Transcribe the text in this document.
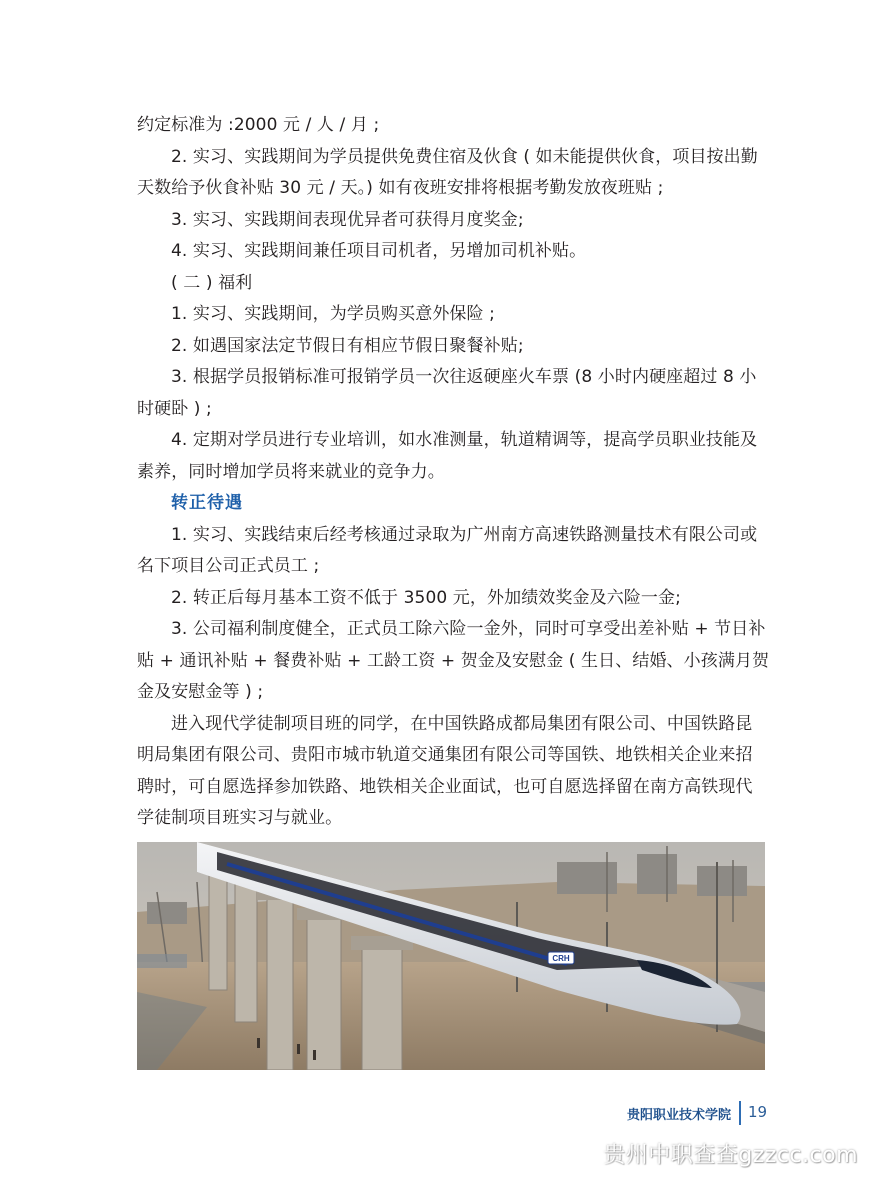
约定标准为 :2000 元 / 人 / 月 ;
2. 实习、实践期间为学员提供免费住宿及伙食 ( 如未能提供伙食，项目按出勤
天数给予伙食补贴 30 元 / 天。) 如有夜班安排将根据考勤发放夜班贴 ;
3. 实习、实践期间表现优异者可获得月度奖金;
4. 实习、实践期间兼任项目司机者，另增加司机补贴。
( 二 ) 福利
1. 实习、实践期间，为学员购买意外保险 ;
2. 如遇国家法定节假日有相应节假日聚餐补贴;
3. 根据学员报销标准可报销学员一次往返硬座火车票 (8 小时内硬座超过 8 小
时硬卧 ) ;
4. 定期对学员进行专业培训，如水准测量，轨道精调等，提高学员职业技能及
素养，同时增加学员将来就业的竞争力。
转正待遇
1. 实习、实践结束后经考核通过录取为广州南方高速铁路测量技术有限公司或
名下项目公司正式员工 ;
2. 转正后每月基本工资不低于 3500 元，外加绩效奖金及六险一金;
3. 公司福利制度健全，正式员工除六险一金外，同时可享受出差补贴 + 节日补
贴 + 通讯补贴 + 餐费补贴 + 工龄工资 + 贺金及安慰金 ( 生日、结婚、小孩满月贺
金及安慰金等 ) ;
进入现代学徒制项目班的同学，在中国铁路成都局集团有限公司、中国铁路昆
明局集团有限公司、贵阳市城市轨道交通集团有限公司等国铁、地铁相关企业来招
聘时，可自愿选择参加铁路、地铁相关企业面试，也可自愿选择留在南方高铁现代
学徒制项目班实习与就业。
CRH
贵阳职业技术学院 19
贵州中职查查gzzcc.com
